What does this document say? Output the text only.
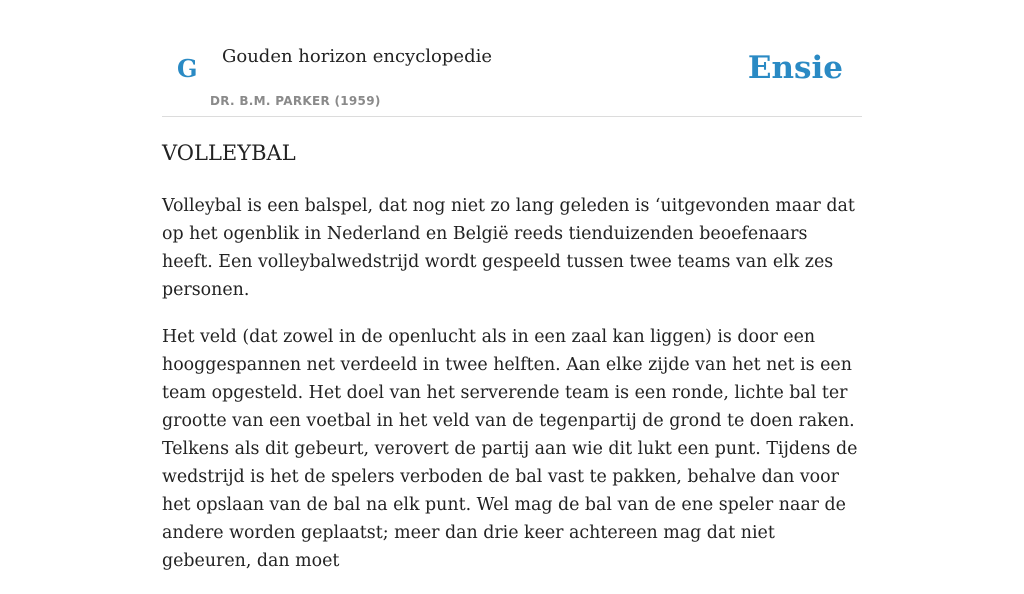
G Gouden horizon encyclopedie
DR. B.M. PARKER (1959)
Ensie
VOLLEYBAL

Volleybal is een balspel, dat nog niet zo lang geleden is ‘uitgevonden maar dat op het ogenblik in Nederland en België reeds tienduizenden beoefenaars heeft. Een volleybalwedstrijd wordt gespeeld tussen twee teams van elk zes personen.

Het veld (dat zowel in de openlucht als in een zaal kan liggen) is door een hooggespannen net verdeeld in twee helften. Aan elke zijde van het net is een team opgesteld. Het doel van het serverende team is een ronde, lichte bal ter grootte van een voetbal in het veld van de tegenpartij de grond te doen raken. Telkens als dit gebeurt, verovert de partij aan wie dit lukt een punt. Tijdens de wedstrijd is het de spelers verboden de bal vast te pakken, behalve dan voor het opslaan van de bal na elk punt. Wel mag de bal van de ene speler naar de andere worden geplaatst; meer dan drie keer achtereen mag dat niet gebeuren, dan moet
